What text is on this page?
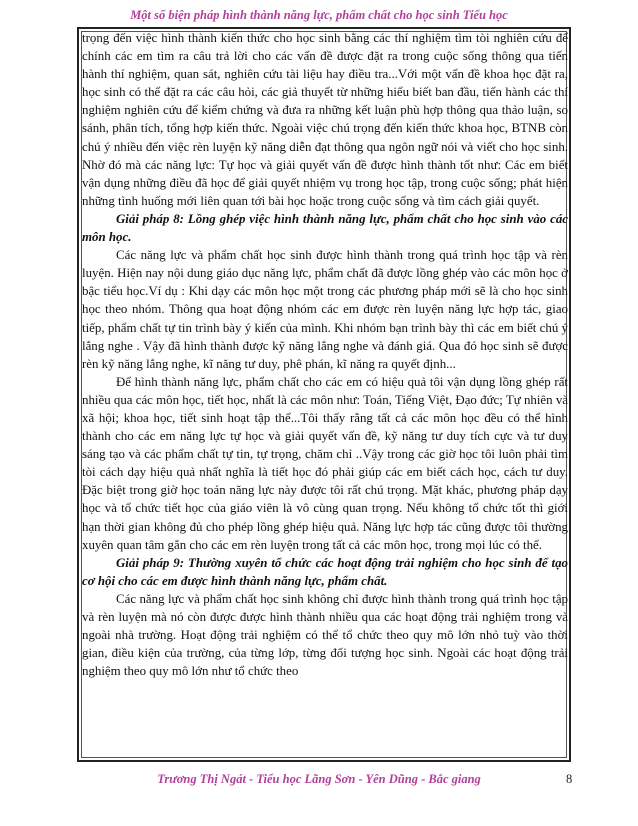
Một số biện pháp hình thành năng lực, phẩm chất cho học sinh Tiểu học

trọng đến việc hình thành kiến thức cho học sinh bằng các thí nghiệm tìm tòi nghiên cứu để chính các em tìm ra câu trả lời cho các vấn đề được đặt ra trong cuộc sống thông qua tiến hành thí nghiệm, quan sát, nghiên cứu tài liệu hay điều tra...Với một vấn đề khoa học đặt ra, học sinh có thể đặt ra các câu hỏi, các giả thuyết từ những hiểu biết ban đầu, tiến hành các thí nghiệm nghiên cứu để kiểm chứng và đưa ra những kết luận phù hợp thông qua thảo luận, so sánh, phân tích, tổng hợp kiến thức. Ngoài việc chú trọng đến kiến thức khoa học, BTNB còn chú ý nhiều đến việc rèn luyện kỹ năng diễn đạt thông qua ngôn ngữ nói và viết cho học sinh. Nhờ đó mà các năng lực: Tự học và giải quyết vấn đề được hình thành tốt như: Các em biết vận dụng những điều đã học để giải quyết nhiệm vụ trong học tập, trong cuộc sống; phát hiện những tình huống mới liên quan tới bài học hoặc trong cuộc sống và tìm cách giải quyết.

Giải pháp 8: Lồng ghép việc hình thành năng lực, phẩm chất cho học sinh vào các môn học.

Các năng lực và phẩm chất học sinh được hình thành trong quá trình học tập và rèn luyện. Hiện nay nội dung giáo dục năng lực, phẩm chất đã được lồng ghép vào các môn học ở bậc tiểu học.Ví dụ : Khi dạy các môn học một trong các phương pháp mới sẽ là cho học sinh học theo nhóm. Thông qua hoạt động nhóm các em được rèn luyện năng lực hợp tác, giao tiếp, phẩm chất tự tin trình bày ý kiến của mình. Khi nhóm bạn trình bày thì các em biết chú ý lắng nghe . Vậy đã hình thành được kỹ năng lắng nghe và đánh giá. Qua đó học sinh sẽ được rèn kỹ năng lắng nghe, kĩ năng tư duy, phê phán, kĩ năng ra quyết định...

Để hình thành năng lực, phẩm chất cho các em có hiệu quả tôi vận dụng lồng ghép rất nhiều qua các môn học, tiết học, nhất là các môn như: Toán, Tiếng Việt, Đạo đức; Tự nhiên và xã hội; khoa học, tiết sinh hoạt tập thể...Tôi thấy rằng tất cả các môn học đều có thể hình thành cho các em năng lực tự học và giải quyết vấn đề, kỹ năng tư duy tích cực và tư duy sáng tạo và các phẩm chất tự tin, tự trọng, chăm chỉ ..Vậy trong các giờ học tôi luôn phải tìm tòi cách dạy hiệu quả nhất nghĩa là tiết học đó phải giúp các em biết cách học, cách tư duy. Đặc biệt trong giờ học toán năng lực này được tôi rất chú trọng. Mặt khác, phương pháp dạy học và tổ chức tiết học của giáo viên là vô cùng quan trọng. Nếu không tổ chức tốt thì giới hạn thời gian không đủ cho phép lồng ghép hiệu quả. Năng lực hợp tác cũng được tôi thường xuyên quan tâm gắn cho các em rèn luyện trong tất cả các môn học, trong mọi lúc có thể.

Giải pháp 9: Thường xuyên tổ chức các hoạt động trải nghiệm cho học sinh để tạo cơ hội cho các em được hình thành năng lực, phẩm chất.

Các năng lực và phẩm chất học sinh không chỉ được hình thành trong quá trình học tập và rèn luyện mà nó còn được được hình thành nhiều qua các hoạt động trải nghiệm trong và ngoài nhà trường. Hoạt động trải nghiệm có thể tổ chức theo quy mô lớn nhỏ tuỳ vào thời gian, điều kiện của trường, của từng lớp, từng đối tượng học sinh. Ngoài các hoạt động trải nghiệm theo quy mô lớn như tổ chức theo

Trương Thị Ngát - Tiểu học Lãng Sơn - Yên Dũng - Bắc giang	8
